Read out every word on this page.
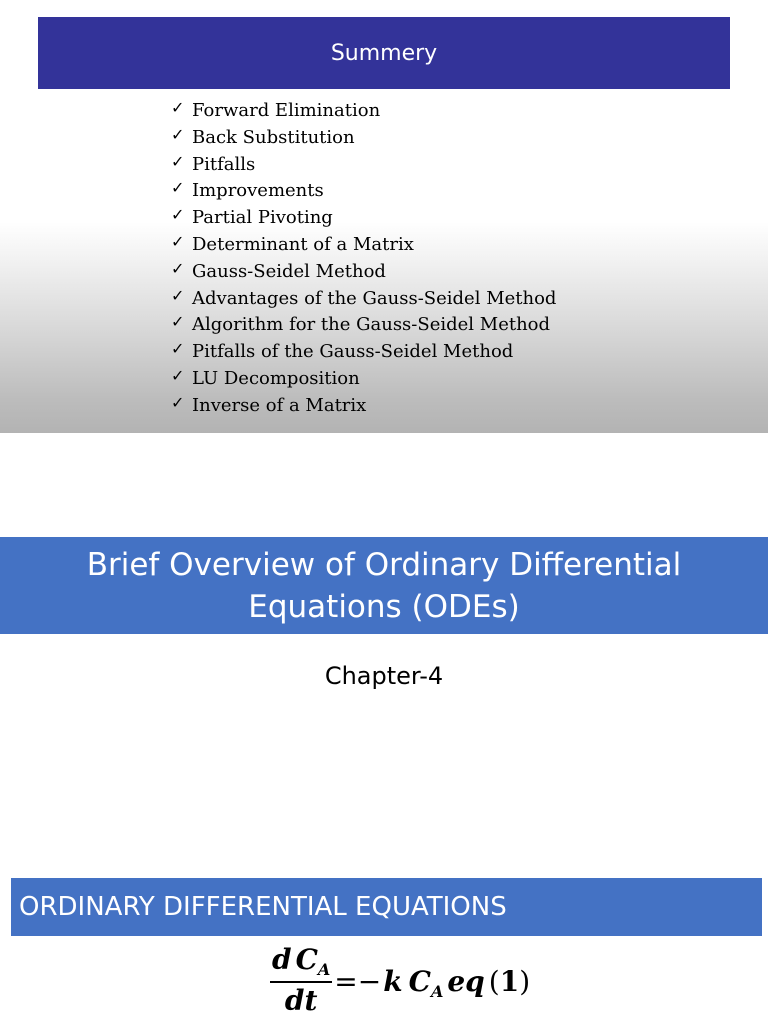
Summery
✓ Forward Elimination
✓ Back Substitution
✓ Pitfalls
✓ Improvements
✓ Partial Pivoting
✓ Determinant of a Matrix
✓ Gauss-Seidel Method
✓ Advantages of the Gauss-Seidel Method
✓ Algorithm for the Gauss-Seidel Method
✓ Pitfalls of the Gauss-Seidel Method
✓ LU Decomposition
✓ Inverse of a Matrix
Brief Overview of Ordinary Differential Equations (ODEs)
Chapter-4
ORDINARY DIFFERENTIAL EQUATIONS
$\frac{d C_A}{dt} =-k$ $C_A$ eq (1)
